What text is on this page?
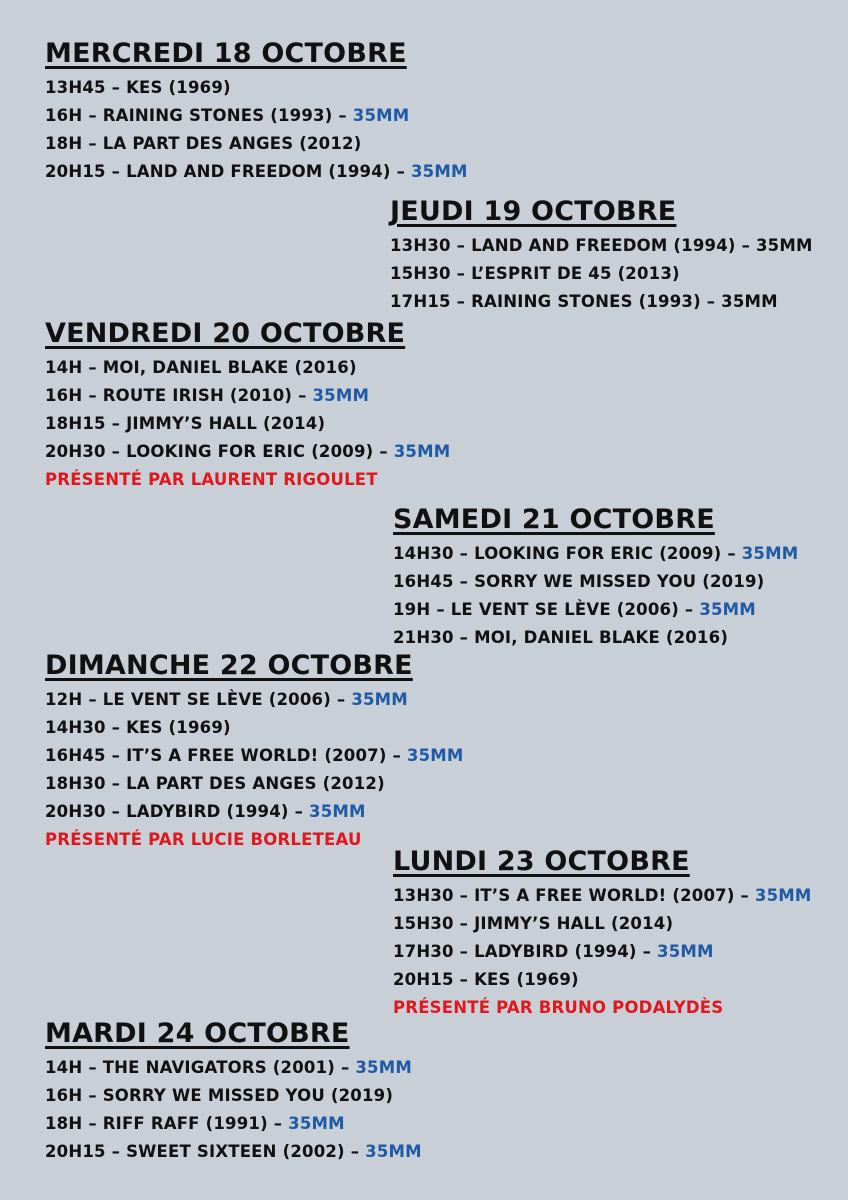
MERCREDI 18 OCTOBRE
13H45 – KES (1969)
16H – RAINING STONES (1993) – 35MM
18H – LA PART DES ANGES (2012)
20H15 – LAND AND FREEDOM (1994) – 35MM
JEUDI 19 OCTOBRE
13H30 – LAND AND FREEDOM (1994) – 35MM
15H30 – L’ESPRIT DE 45 (2013)
17H15 – RAINING STONES (1993) – 35MM
VENDREDI 20 OCTOBRE
14H – MOI, DANIEL BLAKE (2016)
16H – ROUTE IRISH (2010) – 35MM
18H15 – JIMMY’S HALL (2014)
20H30 – LOOKING FOR ERIC (2009) – 35MM
PRÉSENTÉ PAR LAURENT RIGOULET
SAMEDI 21 OCTOBRE
14H30 – LOOKING FOR ERIC (2009) – 35MM
16H45 – SORRY WE MISSED YOU (2019)
19H – LE VENT SE LÈVE (2006) – 35MM
21H30 – MOI, DANIEL BLAKE (2016)
DIMANCHE 22 OCTOBRE
12H – LE VENT SE LÈVE (2006) – 35MM
14H30 – KES (1969)
16H45 – IT’S A FREE WORLD! (2007) – 35MM
18H30 – LA PART DES ANGES (2012)
20H30 – LADYBIRD (1994) – 35MM
PRÉSENTÉ PAR LUCIE BORLETEAU
LUNDI 23 OCTOBRE
13H30 – IT’S A FREE WORLD! (2007) – 35MM
15H30 – JIMMY’S HALL (2014)
17H30 – LADYBIRD (1994) – 35MM
20H15 – KES (1969)
PRÉSENTÉ PAR BRUNO PODALYDÈS
MARDI 24 OCTOBRE
14H – THE NAVIGATORS (2001) – 35MM
16H – SORRY WE MISSED YOU (2019)
18H – RIFF RAFF (1991) – 35MM
20H15 – SWEET SIXTEEN (2002) – 35MM
